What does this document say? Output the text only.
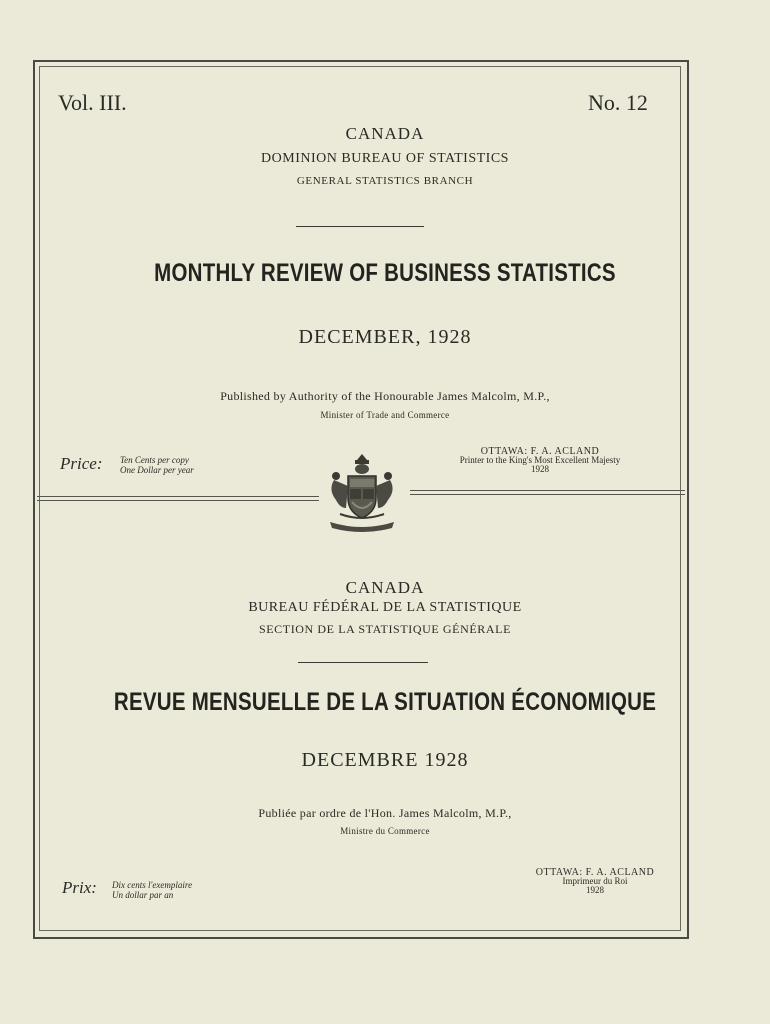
Vol. III.	No. 12
CANADA
DOMINION BUREAU OF STATISTICS
GENERAL STATISTICS BRANCH
MONTHLY REVIEW OF BUSINESS STATISTICS
DECEMBER, 1928
Published by Authority of the Honourable James Malcolm, M.P.,
Minister of Trade and Commerce
Price: Ten Cents per copy
One Dollar per year
OTTAWA: F. A. ACLAND
Printer to the King's Most Excellent Majesty
1928
CANADA
BUREAU FÉDÉRAL DE LA STATISTIQUE
SECTION DE LA STATISTIQUE GÉNÉRALE
REVUE MENSUELLE DE LA SITUATION ÉCONOMIQUE
DECEMBRE 1928
Publiée par ordre de l'Hon. James Malcolm, M.P.,
Ministre du Commerce
Prix: Dix cents l'exemplaire
Un dollar par an
OTTAWA: F. A. ACLAND
Imprimeur du Roi
1928
